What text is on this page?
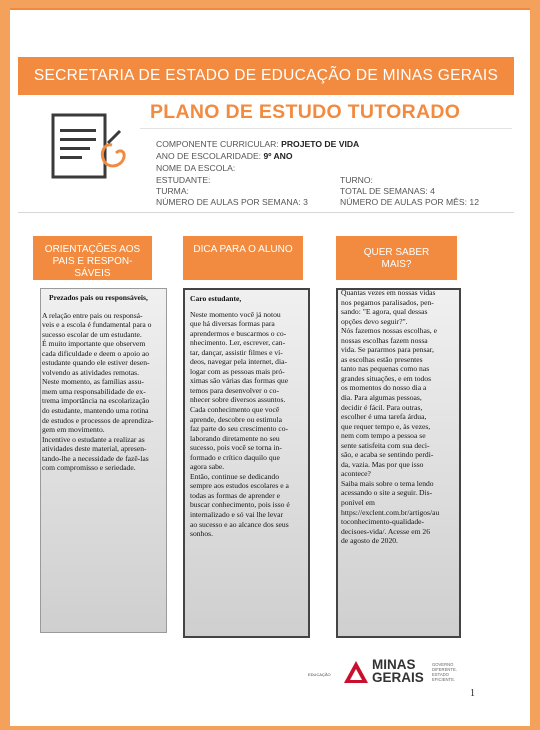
SECRETARIA DE ESTADO DE EDUCAÇÃO DE MINAS GERAIS
PLANO DE ESTUDO TUTORADO
COMPONENTE CURRICULAR: PROJETO DE VIDA
ANO DE ESCOLARIDADE: 9º ANO
NOME DA ESCOLA:
ESTUDANTE:	TURNO:
TURMA:	TOTAL DE SEMANAS: 4
NÚMERO DE AULAS POR SEMANA: 3	NÚMERO DE AULAS POR MÊS: 12
ORIENTAÇÕES AOS
PAIS E RESPON-
SÁVEIS
DICA PARA O ALUNO	QUER SABER
MAIS?

Prezados pais ou responsáveis,

A relação entre pais ou responsá-

veis e a escola é fundamental para o

sucesso escolar de um estudante.

É muito importante que observem

cada dificuldade e deem o apoio ao

estudante quando ele estiver desen-

volvendo as atividades remotas.

Neste momento, as famílias assu-

mem uma responsabilidade de ex-

trema importância na escolarização

do estudante, mantendo uma rotina

de estudos e processos de aprendiza-

gem em movimento.

Incentive o estudante a realizar as

atividades deste material, apresen-

tando-lhe a necessidade de fazê-las

com compromisso e seriedade.

Caro estudante,

Neste momento você já notou

que há diversas formas para

aprendermos e buscarmos o co-

nhecimento. Ler, escrever, can-

tar, dançar, assistir filmes e ví-

deos, navegar pela internet, dia-

logar com as pessoas mais pró-

ximas são várias das formas que

temos para desenvolver o co-

nhecer sobre diversos assuntos.

Cada conhecimento que você

aprende, descobre ou estimula

faz parte do seu crescimento co-

laborando diretamente no seu

sucesso, pois você se torna in-

formado e crítico daquilo que

agora sabe.

Então, continue se dedicando

sempre aos estudos escolares e a

todas as formas de aprender e

buscar conhecimento, pois isso é

internalizado e só vai lhe levar

ao sucesso e ao alcance dos seus

sonhos.

Quantas vezes em nossas vidas

nos pegamos paralisados, pen-

sando: "E agora, qual dessas

opções devo seguir?".

Nós fazemos nossas escolhas, e

nossas escolhas fazem nossa

vida. Se pararmos para pensar,

as escolhas estão presentes

tanto nas pequenas como nas

grandes situações, e em todos

os momentos do nosso dia a

dia. Para algumas pessoas,

decidir é fácil. Para outras,

escolher é uma tarefa árdua,

que requer tempo e, às vezes,

nem com tempo a pessoa se

sente satisfeita com sua deci-

são, e acaba se sentindo perdi-

da, vazia. Mas por que isso

acontece?

Saiba mais sobre o tema lendo

acessando o site a seguir. Dis-

ponível em

https://exclent.com.br/artigos/au

toconhecimento-qualidade-

decisoes-vida/. Acesse em 26

de agosto de 2020.

EDUCAÇÃO
MINAS
GERAIS
GOVERNO DIFERENTE. ESTADO EFICIENTE.
1
